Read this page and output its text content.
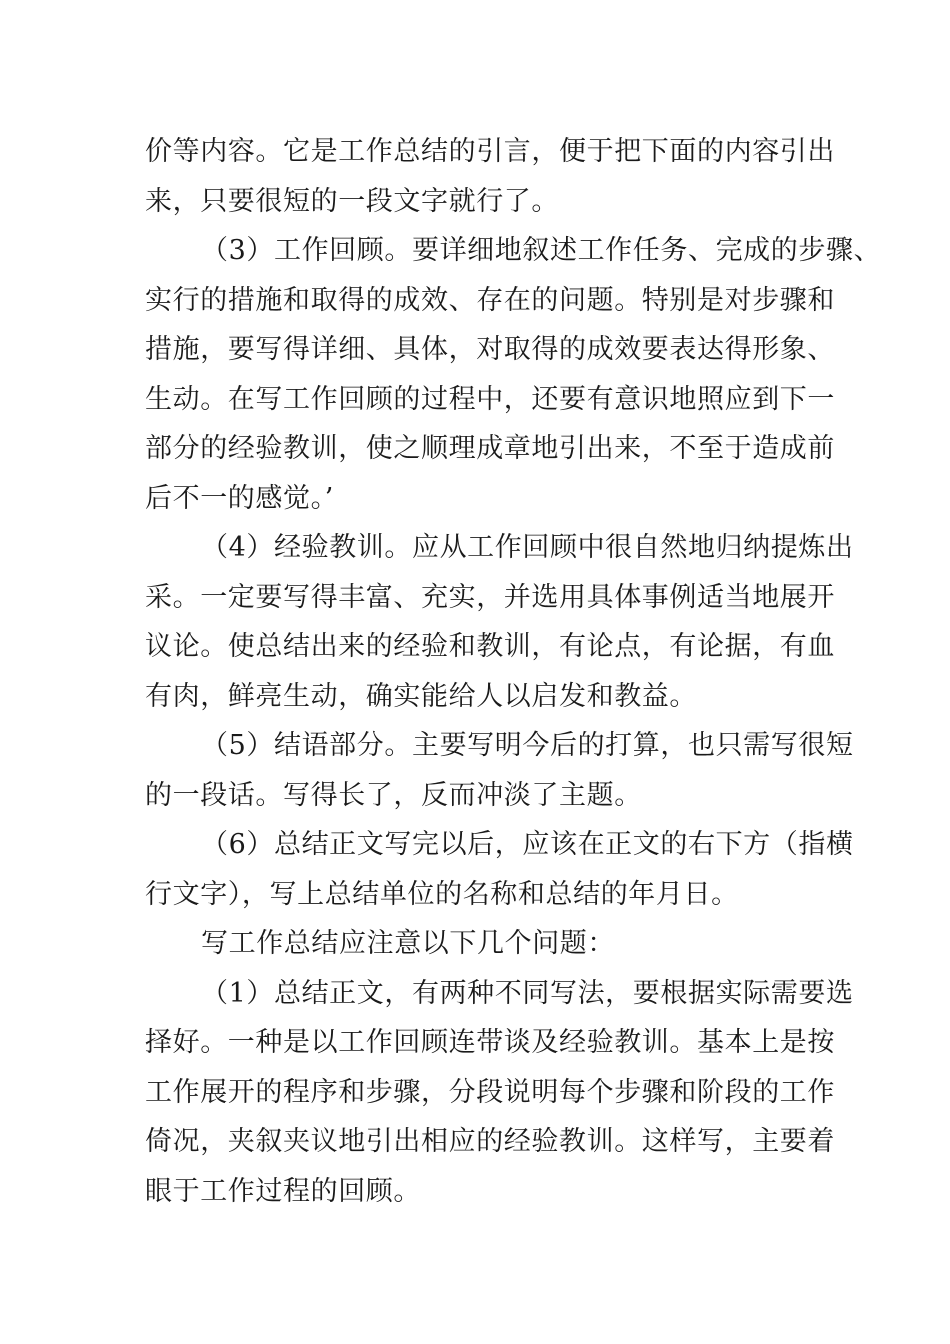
价等内容。它是工作总结的引言，便于把下面的内容引出
来，只要很短的一段文字就行了。
（3）工作回顾。要详细地叙述工作任务、完成的步骤、
实行的措施和取得的成效、存在的问题。特别是对步骤和
措施，要写得详细、具体，对取得的成效要表达得形象、
生动。在写工作回顾的过程中，还要有意识地照应到下一
部分的经验教训，使之顺理成章地引出来，不至于造成前
后不一的感觉。’
（4）经验教训。应从工作回顾中很自然地归纳提炼出
采。一定要写得丰富、充实，并选用具体事例适当地展开
议论。使总结出来的经验和教训，有论点，有论据，有血
有肉，鲜亮生动，确实能给人以启发和教益。
（5）结语部分。主要写明今后的打算，也只需写很短
的一段话。写得长了，反而冲淡了主题。
（6）总结正文写完以后，应该在正文的右下方（指横
行文字），写上总结单位的名称和总结的年月日。
写工作总结应注意以下几个问题：
（1）总结正文，有两种不同写法，要根据实际需要选
择好。一种是以工作回顾连带谈及经验教训。基本上是按
工作展开的程序和步骤，分段说明每个步骤和阶段的工作
倚况，夹叙夹议地引出相应的经验教训。这样写，主要着
眼于工作过程的回顾。
